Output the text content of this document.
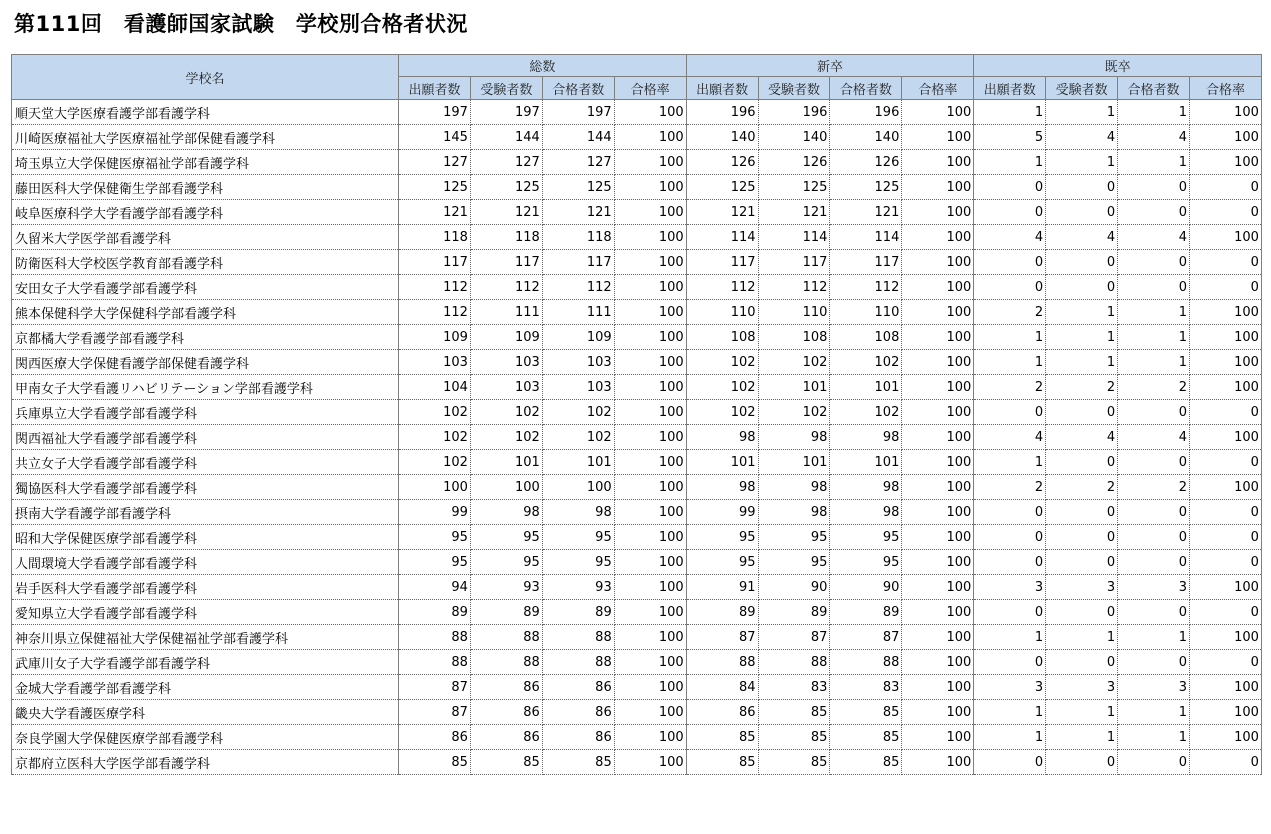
第111回　看護師国家試験　学校別合格者状況
学校名	総数				新卒				既卒			
	出願者数	受験者数	合格者数	合格率	出願者数	受験者数	合格者数	合格率	出願者数	受験者数	合格者数	合格率
順天堂大学医療看護学部看護学科	197	197	197	100	196	196	196	100	1	1	1	100
川崎医療福祉大学医療福祉学部保健看護学科	145	144	144	100	140	140	140	100	5	4	4	100
埼玉県立大学保健医療福祉学部看護学科	127	127	127	100	126	126	126	100	1	1	1	100
藤田医科大学保健衛生学部看護学科	125	125	125	100	125	125	125	100	0	0	0	0
岐阜医療科学大学看護学部看護学科	121	121	121	100	121	121	121	100	0	0	0	0
久留米大学医学部看護学科	118	118	118	100	114	114	114	100	4	4	4	100
防衛医科大学校医学教育部看護学科	117	117	117	100	117	117	117	100	0	0	0	0
安田女子大学看護学部看護学科	112	112	112	100	112	112	112	100	0	0	0	0
熊本保健科学大学保健科学部看護学科	112	111	111	100	110	110	110	100	2	1	1	100
京都橘大学看護学部看護学科	109	109	109	100	108	108	108	100	1	1	1	100
関西医療大学保健看護学部保健看護学科	103	103	103	100	102	102	102	100	1	1	1	100
甲南女子大学看護リハビリテーション学部看護学科	104	103	103	100	102	101	101	100	2	2	2	100
兵庫県立大学看護学部看護学科	102	102	102	100	102	102	102	100	0	0	0	0
関西福祉大学看護学部看護学科	102	102	102	100	98	98	98	100	4	4	4	100
共立女子大学看護学部看護学科	102	101	101	100	101	101	101	100	1	0	0	0
獨協医科大学看護学部看護学科	100	100	100	100	98	98	98	100	2	2	2	100
摂南大学看護学部看護学科	99	98	98	100	99	98	98	100	0	0	0	0
昭和大学保健医療学部看護学科	95	95	95	100	95	95	95	100	0	0	0	0
人間環境大学看護学部看護学科	95	95	95	100	95	95	95	100	0	0	0	0
岩手医科大学看護学部看護学科	94	93	93	100	91	90	90	100	3	3	3	100
愛知県立大学看護学部看護学科	89	89	89	100	89	89	89	100	0	0	0	0
神奈川県立保健福祉大学保健福祉学部看護学科	88	88	88	100	87	87	87	100	1	1	1	100
武庫川女子大学看護学部看護学科	88	88	88	100	88	88	88	100	0	0	0	0
金城大学看護学部看護学科	87	86	86	100	84	83	83	100	3	3	3	100
畿央大学看護医療学科	87	86	86	100	86	85	85	100	1	1	1	100
奈良学園大学保健医療学部看護学科	86	86	86	100	85	85	85	100	1	1	1	100
京都府立医科大学医学部看護学科	85	85	85	100	85	85	85	100	0	0	0	0
